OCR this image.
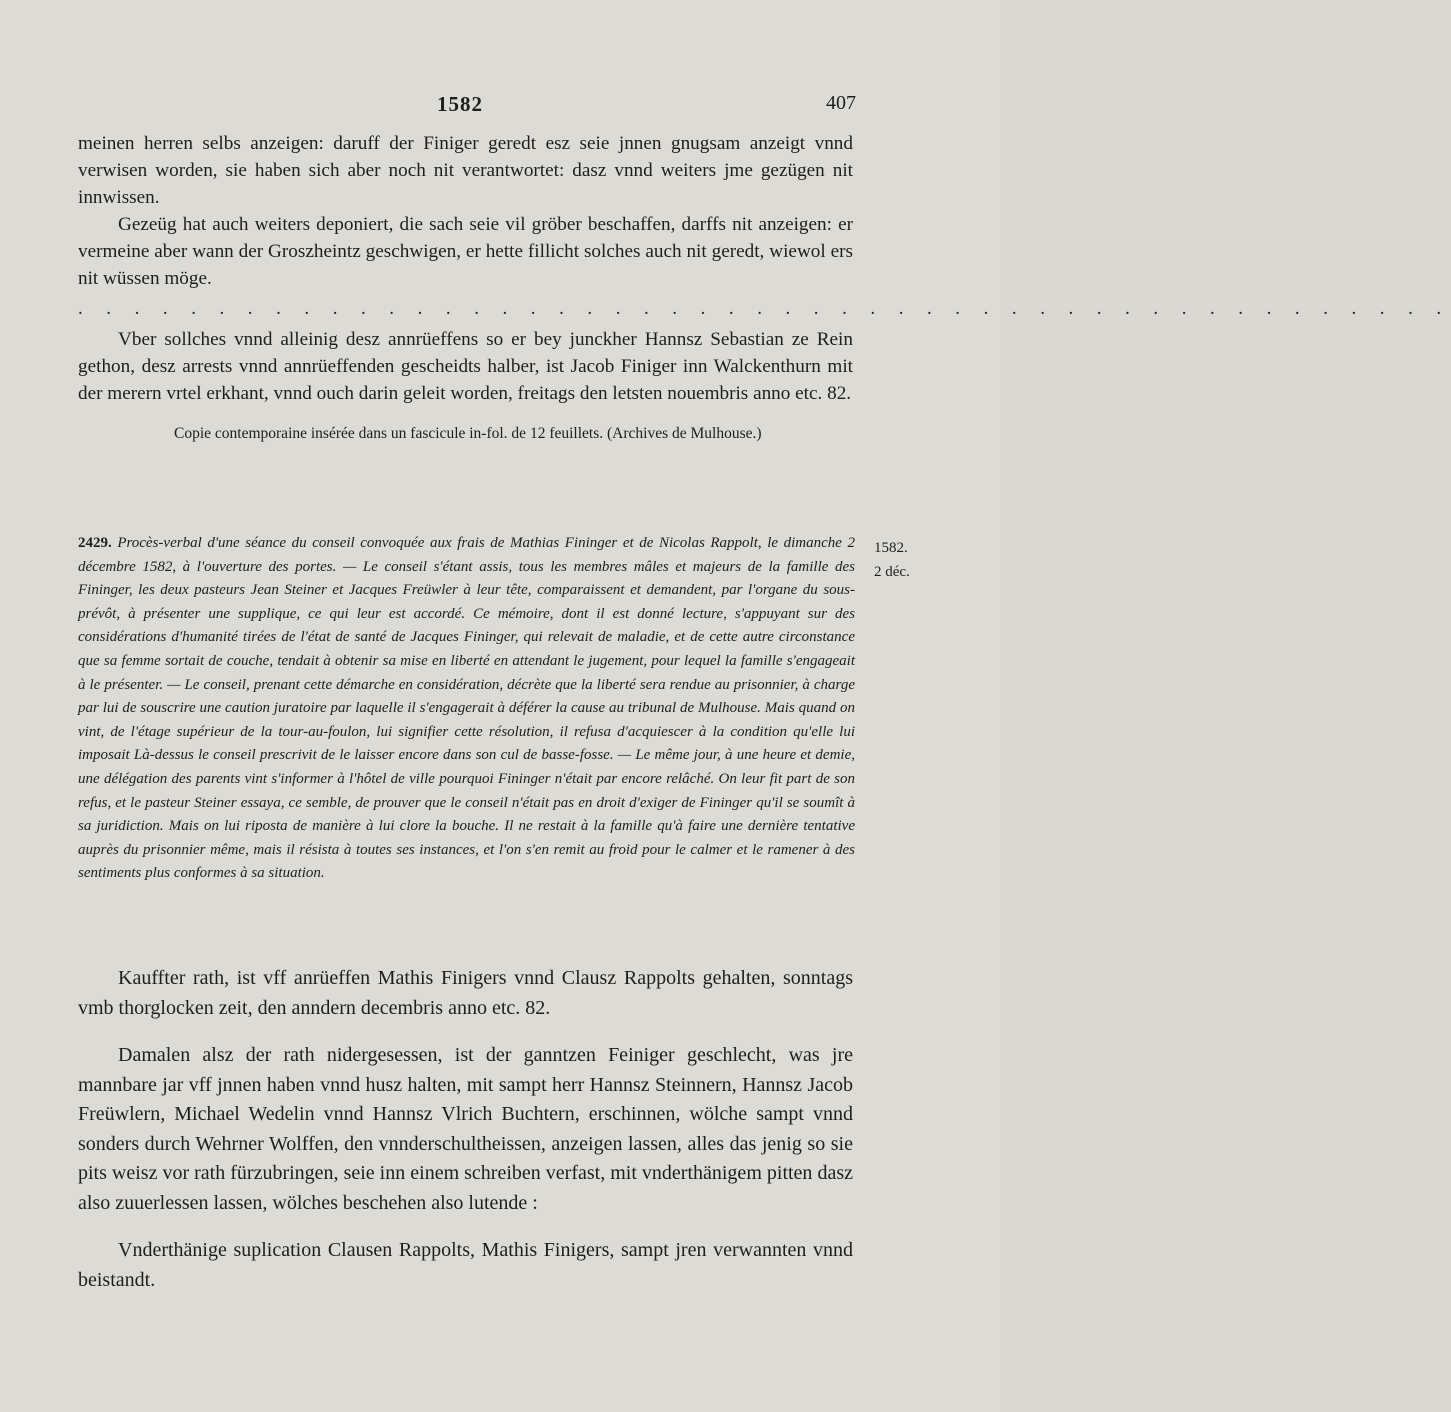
1582	407

meinen herren selbs anzeigen: daruff der Finiger geredt esz seie jnnen gnugsam anzeigt vnnd verwisen worden, sie haben sich aber noch nit verantwortet: dasz vnnd weiters jme gezügen nit innwissen.

Gezeüg hat auch weiters deponiert, die sach seie vil gröber beschaffen, darffs nit anzeigen: er vermeine aber wann der Groszheintz geschwigen, er hette fillicht solches auch nit geredt, wiewol ers nit wüssen möge.

. . . . . . . . . . . . . . . . . . . . . . . . . . . . . . . . . . . . . . . . . . . . . . . . .

Vber sollches vnnd alleinig desz annrüeffens so er bey junckher Hannsz Sebastian ze Rein gethon, desz arrests vnnd annrüeffenden gescheidts halber, ist Jacob Finiger inn Walckenthurn mit der merern vrtel erkhant, vnnd ouch darin geleit worden, freitags den letsten nouembris anno etc. 82.

Copie contemporaine insérée dans un fascicule in-fol. de 12 feuillets. (Archives de Mulhouse.)

2429. Procès-verbal d'une séance du conseil convoquée aux frais de Mathias Fininger et de Nicolas Rappolt, le dimanche 2 décembre 1582, à l'ouverture des portes. — Le conseil s'étant assis, tous les membres mâles et majeurs de la famille des Fininger, les deux pasteurs Jean Steiner et Jacques Freüwler à leur tête, comparaissent et demandent, par l'organe du sous-prévôt, à présenter une supplique, ce qui leur est accordé. Ce mémoire, dont il est donné lecture, s'appuyant sur des considérations d'humanité tirées de l'état de santé de Jacques Fininger, qui relevait de maladie, et de cette autre circonstance que sa femme sortait de couche, tendait à obtenir sa mise en liberté en attendant le jugement, pour lequel la famille s'engageait à le présenter. — Le conseil, prenant cette démarche en considération, décrète que la liberté sera rendue au prisonnier, à charge par lui de souscrire une caution juratoire par laquelle il s'engagerait à déférer la cause au tribunal de Mulhouse. Mais quand on vint, de l'étage supérieur de la tour-au-foulon, lui signifier cette résolution, il refusa d'acquiescer à la condition qu'elle lui imposait Là-dessus le conseil prescrivit de le laisser encore dans son cul de basse-fosse. — Le même jour, à une heure et demie, une délégation des parents vint s'informer à l'hôtel de ville pourquoi Fininger n'était par encore relâché. On leur fit part de son refus, et le pasteur Steiner essaya, ce semble, de prouver que le conseil n'était pas en droit d'exiger de Fininger qu'il se soumît à sa juridiction. Mais on lui riposta de manière à lui clore la bouche. Il ne restait à la famille qu'à faire une dernière tentative auprès du prisonnier même, mais il résista à toutes ses instances, et l'on s'en remit au froid pour le calmer et le ramener à des sentiments plus conformes à sa situation.

1582.
2 déc.

Kauffter rath, ist vff anrüeffen Mathis Finigers vnnd Clausz Rappolts gehalten, sonntags vmb thorglocken zeit, den anndern decembris anno etc. 82.

Damalen alsz der rath nidergesessen, ist der ganntzen Feiniger geschlecht, was jre mannbare jar vff jnnen haben vnnd husz halten, mit sampt herr Hannsz Steinnern, Hannsz Jacob Freüwlern, Michael Wedelin vnnd Hannsz Vlrich Buchtern, erschinnen, wölche sampt vnnd sonders durch Wehrner Wolffen, den vnnderschultheissen, anzeigen lassen, alles das jenig so sie pits weisz vor rath fürzubringen, seie inn einem schreiben verfast, mit vnderthänigem pitten dasz also zuuerlessen lassen, wölches beschehen also lutende :

Vnderthänige suplication Clausen Rappolts, Mathis Finigers, sampt jren verwannten vnnd beistandt.
